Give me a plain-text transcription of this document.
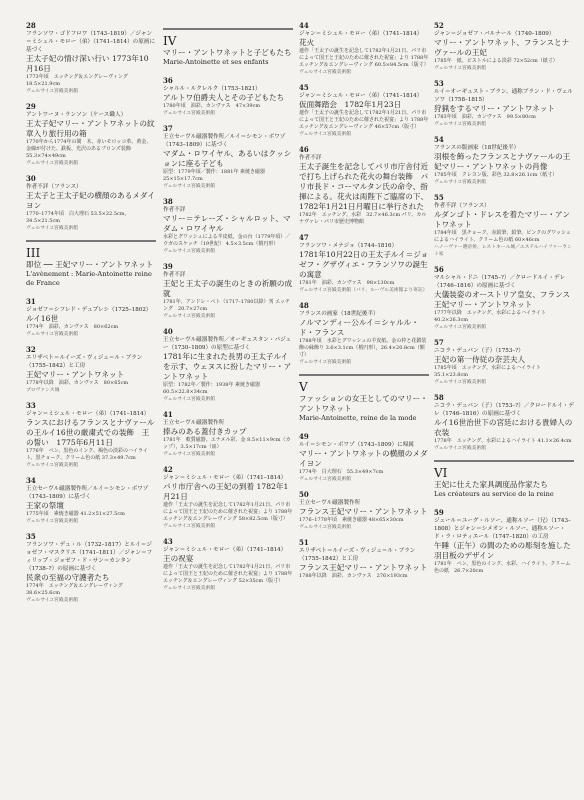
28
フランソワ・ゴドフロワ（1743–1819）／ジャン＝ミシェル・モロー（弟）（1741–1814）の原画に基づく
王太子妃の情け深い行い 1773年10月16日
1773年頃　エッチング＆エングレーヴィング 18.5×21.9cm
ヴェルサイユ宮殿美術館
29
アントワーヌ・ランソン（ケース職人）
王太子妃マリー・アントワネットの紋章入り旅行用の箱
1770年から1774年の間　木、赤いモロッコ革、黄金、金線が付けた、鉄板、光沢のあるブロンズ装飾 55.3×74×49cm
ヴェルサイユ宮殿美術館
30
作者不詳（フランス）
王太子と王太子妃の横顔のあるメダイヨン
1770–1774年頃　白大理石 53.5×22.5cm，34.5×21.5cm
ヴェルサイユ宮殿美術館
III
即位 ── 王妃マリー・アントワネット
L'avènement : Marie-Antoinette reine de France
31
ジョゼフ＝シフレド・デュプレシ（1725–1802）
ルイ16世
1774年　油彩、カンヴァス　80×62cm
ヴェルサイユ宮殿美術館
32
エリザベト＝ルイーズ・ヴィジェ＝ル・ブラン（1755–1842）と工房
王妃マリー・アントワネット
1778年以降　油彩、カンヴァス　80×65cm
プロヴァンス城
33
ジャン＝ミシェル・モロー（弟）（1741–1814）
ランスにおけるフランスとナヴァールの王ルイ16世の厳粛式での装飾　王の誓い　1775年6月11日
1776年　ペン、黒色のインク、褐色の淡彩のハイライト、黒チョーク、クリーム色の紙 37.3×49.7cm
ヴェルサイユ宮殿美術館
34
王立セーヴル磁器製作所／ルイ＝シモン・ボワゾ（1743–1809）に基づく
王家の祭壇
1775年頃　素焼き磁器 41.2×51×27.5cm
ヴェルサイユ宮殿美術館
35
フランソワ・デュ・ル（1732–1817）とルイ＝ジョゼフ・マスクリエ（1741–1811）／ジャン＝フィリップ・ジョゼフ・ド・サン＝カンタン（1738–?）の原画に基づく
民衆の至福の守護者たち
1774年　エッチング＆エングレーヴィング 38.6×25.6cm
ヴェルサイユ宮殿美術館
IV
マリー・アントワネットと子どもたち
Marie-Antoinette et ses enfants
36
シャルル・ルクレルク（1753–1821）
アルトワ伯爵夫人とその子どもたち
1780年頃　油彩、カンヴァス　47×39cm
ヴェルサイユ宮殿美術館
37
王立セーヴル磁器製作所／ルイ＝シモン・ボワゾ（1743–1809）に基づく
マダム・ロワイヤル、あるいはクッションに座る子ども
原型：1779年頃／製作：1881年 素焼き磁器 25×15×17.7cm
ヴェルサイユ宮殿美術館
38
作者不詳
マリー＝テレーズ・シャルロット、マダム・ロワイヤル
水彩とグワッシュによる羊皮紙、金の台（1779年頃）／ウガのスケッチ（19世紀） 4.5×3.5cm（楕円形）
ヴェルサイユ宮殿美術館
39
作者不詳
王妃と王太子の誕生のときの祈願の成就
1781年、アンドレ・ペト（1717–1780以降）刊 エッチング　20.7×27cm
ヴェルサイユ宮殿美術館
40
王立セーヴル磁器製作所／オーギュスタン・パジュー（1730–1809）の原型に基づく
1781年に生まれた長男の王太子ルイを示す、ウェヌスに扮したマリー・アントワネット
原型：1782年／製作：1938年 素焼き磁器 60.5×22.8×34cm
ヴェルサイユ宮殿美術館
41
王立セーヴル磁器製作所
捧みのある蓋付きカップ
1781年　軟質磁器、エナメル彩、金 8.5×11×9cm（カップ），3.5×17cm（皿）
ヴェルサイユ宮殿美術館
42
ジャン＝ミシェル・モロー（弟）（1741–1814）
パリ市庁舎への王妃の到着 1782年1月21日
連作「王太子の誕生を記念して1782年1月21日、パリ市によって国王と王妃のために催された祝宴」より 1788年　エッチング＆エングレーヴィング 58×82.5cm（版寸）
ヴェルサイユ宮殿美術館
43
ジャン＝ミシェル・モロー（弟）（1741–1814）
王の祝宴
連作「王太子の誕生を記念して1782年1月21日、パリ市によって国王と王妃のために催された祝宴」より 1788年　エッチング＆エングレーヴィング 52×35cm（版寸）
ヴェルサイユ宮殿美術館
44
ジャン＝ミシェル・モロー（弟）（1741–1814）
花火
連作「王太子の誕生を記念して1782年1月21日、パリ市によって国王と王妃のために催された祝宴」より 1788年　エッチング＆エングレーヴィング 60.5×84.5cm（版寸）
ヴェルサイユ宮殿美術館
45
ジャン＝ミシェル・モロー（弟）（1741–1814）
仮面舞踏会　1782年1月23日
連作「王太子の誕生を記念して1782年1月21日、パリ市によって国王と王妃のために催された祝宴」より 1788年　エッチング＆エングレーヴィング 46×57cm（版寸）
ヴェルサイユ宮殿美術館
46
作者不詳
王太子誕生を記念してパリ市庁舎付近で打ち上げられた花火の舞台装飾　パリ市長ド・コーマルタン氏の命令、指揮による。花火は両陛下ご臨席の下、1782年1月21日月曜日に挙行された
1782年　エッチング、水彩　32.7×46.3cm パリ、カルナヴァレ・パリ市歴史博物館
47
フランソワ・メナジョ（1744–1816）
1781年10月22日の王太子ルイ＝ジョゼフ・グザヴィエ・フランソワの誕生の寓意
1781年　油彩、カンヴァス　98×130cm
ヴェルサイユ宮殿美術館（パリ、ルーヴル美術館より寄託）
48
フランスの画家（18世紀後半）
ノルマンディー公ルイ＝シャルル・ド・フランス
1788年頃　水彩とグワッシュの羊皮紙、金の枠と花鎖装飾の縁飾り 3.6×3.1cm（楕円形），26.4×20.8cm（額寸）
ヴェルサイユ宮殿美術館
V
ファッションの女王としてのマリー・アントワネット
Marie-Antoinette, reine de la mode
49
ルイ＝シモン・ボワゾ（1743–1809）に帰属
マリー・アントワネットの横顔のメダイヨン
1774年　白大理石　55.3×49×7cm
ヴェルサイユ宮殿美術館
50
王立セーヴル磁器製作所
フランス王妃マリー・アントワネット
1776–1778年頃　素焼き磁器 48×65×30cm
ヴェルサイユ宮殿美術館
51
エリザベト＝ルイーズ・ヴィジェ＝ル・ブラン（1755–1842）と工房
フランス王妃マリー・アントワネット
1788年以降　油彩、カンヴァス　276×193cm
52
ジャン＝ジョゼフ・バルナール（1740–1809）
マリー・アントワネット、フランスとナヴァールの王妃
1785年　紙、ビストルによる淡彩 72×52cm（紙寸）
ヴェルサイユ宮殿美術館
53
ルイ＝オーギュスト・ブラン、通称ブラン・ド・ヴェルソワ（1758–1815）
狩猟をするマリー・アントワネット
1783年頃　油彩、カンヴァス　99.5×80cm
ヴェルサイユ宮殿美術館
54
フランスの版画家（18世紀後半）
羽根を飾ったフランスとナヴァールの王妃マリー・アントワネットの肖像
1785年頃　クレヨン版、彩色 32.8×26.1cm（紙寸）
ヴェルサイユ宮殿美術館
55
作者不詳（フランス）
ルダンゴト・ドレスを着たマリー・アントワネット
1784年頃　黒チョーク、赤鉛筆、鉛筆、ピンクのグワッシュによるハイライト、クリーム色の紙 60×46cm
ハノーヴァー選帝侯、レストネール城／エステルハイファーラント家
56
マルシャル・ドニ（1745–?）／クロードルイ・デレ（1746–1816）の原画に基づく
大儀装姿のオーストリア皇女、フランス王妃マリー・アントワネット
1777年以降　エッチング、水彩によるハイライト 40.2×26.3cm
ヴェルサイユ宮殿美術館
57
ニコラ・デュパン（子）（1753–?）
王妃の第一侍従の奈芸夫人
1785年頃　エッチング、水彩によるハイライト 35.1×23.8cm
ヴェルサイユ宮殿美術館
58
ニコラ・デュパン（子）（1753–?）／クロードルイ・デレ（1746–1816）の原画に基づく
ルイ16世治世下の宮廷における貴婦人の衣装
1778年　エッチング、水彩によるハイライト 41.1×26.4cm
ヴェルサイユ宮殿美術館
VI
王妃に仕えた家具調度品作家たち
Les créateurs au service de la reine
59
ジュール＝ユーグ・ルソー、通称ルソー（兄）（1743–1808）とジャン＝シメオン・ルソー、通称ルソー・ド・ラ・ロティエール（1747–1820）の工房
午睡（正午）の間のための彫刻を施した羽目板のデザイン
1781年　ペン、黒色のインク、水彩、ハイライト、クリーム色の紙　26.7×20cm
